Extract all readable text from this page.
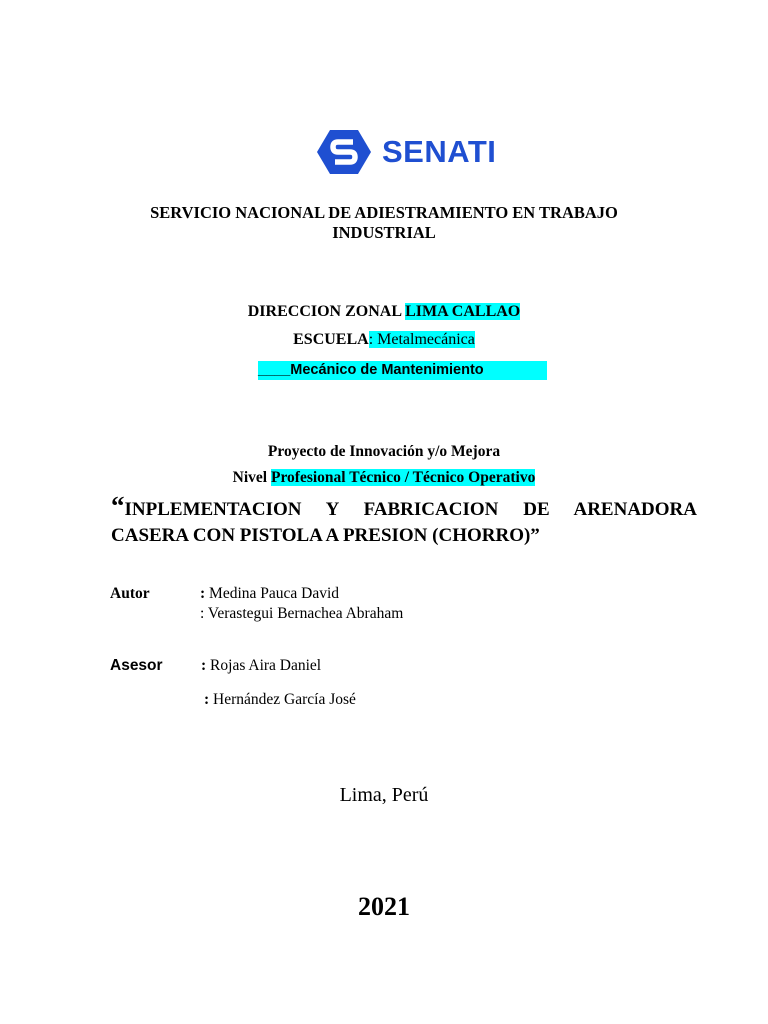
SENATI
SERVICIO NACIONAL DE ADIESTRAMIENTO EN TRABAJO
INDUSTRIAL
DIRECCION ZONAL LIMA CALLAO
ESCUELA: Metalmecánica
____Mecánico de Mantenimiento
Proyecto de Innovación y/o Mejora
Nivel Profesional Técnico / Técnico Operativo
“INPLEMENTACION Y FABRICACION DE ARENADORA
CASERA CON PISTOLA A PRESION (CHORRO)”
Autor	: Medina Pauca David
: Verastegui Bernachea Abraham
Asesor : Rojas Aira Daniel
: Hernández García José
Lima, Perú
2021
